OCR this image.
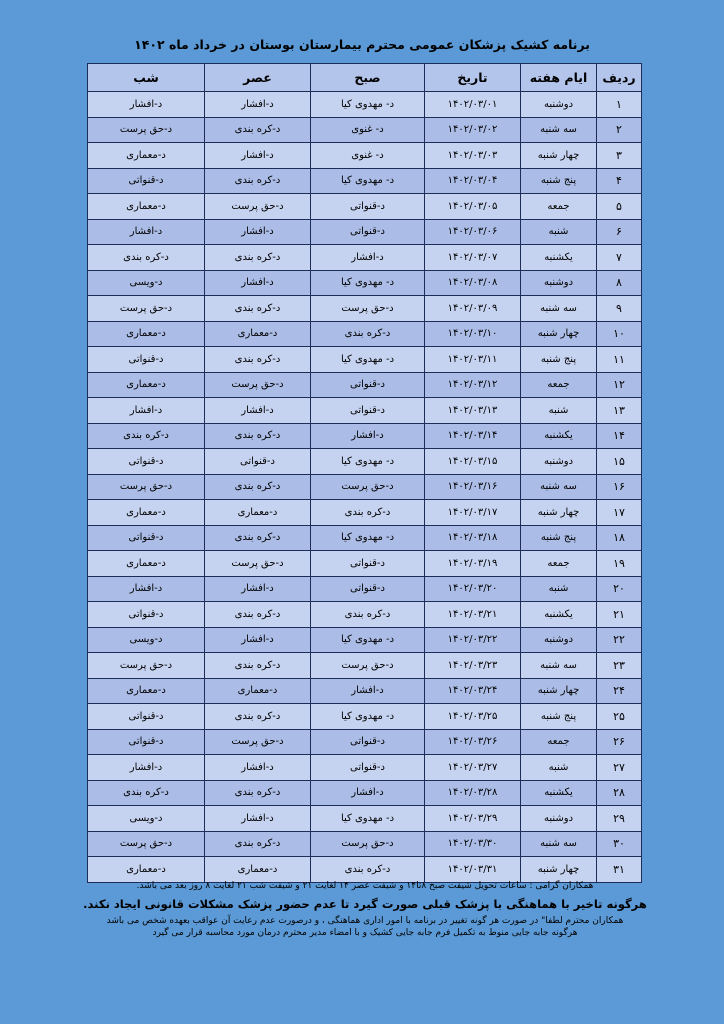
برنامه کشیک پزشکان عمومی محترم بیمارستان بوستان در خرداد ماه ۱۴۰۲
ردیف	ایام هفته	تاریخ	صبح	عصر	شب
۱	دوشنبه	۱۴۰۲/۰۳/۰۱	د- مهدوی کیا	د-افشار	د-افشار
۲	سه شنبه	۱۴۰۲/۰۳/۰۲	د- غنوی	د-کره بندی	د-حق پرست
۳	چهار شنبه	۱۴۰۲/۰۳/۰۳	د- غنوی	د-افشار	د-معماری
۴	پنج شنبه	۱۴۰۲/۰۳/۰۴	د- مهدوی کیا	د-کره بندی	د-قنواتی
۵	جمعه	۱۴۰۲/۰۳/۰۵	د-قنواتی	د-حق پرست	د-معماری
۶	شنبه	۱۴۰۲/۰۳/۰۶	د-قنواتی	د-افشار	د-افشار
۷	یکشنبه	۱۴۰۲/۰۳/۰۷	د-افشار	د-کره بندی	د-کره بندی
۸	دوشنبه	۱۴۰۲/۰۳/۰۸	د- مهدوی کیا	د-افشار	د-ویسی
۹	سه شنبه	۱۴۰۲/۰۳/۰۹	د-حق پرست	د-کره بندی	د-حق پرست
۱۰	چهار شنبه	۱۴۰۲/۰۳/۱۰	د-کره بندی	د-معماری	د-معماری
۱۱	پنج شنبه	۱۴۰۲/۰۳/۱۱	د- مهدوی کیا	د-کره بندی	د-قنواتی
۱۲	جمعه	۱۴۰۲/۰۳/۱۲	د-قنواتی	د-حق پرست	د-معماری
۱۳	شنبه	۱۴۰۲/۰۳/۱۳	د-قنواتی	د-افشار	د-افشار
۱۴	یکشنبه	۱۴۰۲/۰۳/۱۴	د-افشار	د-کره بندی	د-کره بندی
۱۵	دوشنبه	۱۴۰۲/۰۳/۱۵	د- مهدوی کیا	د-قنواتی	د-قنواتی
۱۶	سه شنبه	۱۴۰۲/۰۳/۱۶	د-حق پرست	د-کره بندی	د-حق پرست
۱۷	چهار شنبه	۱۴۰۲/۰۳/۱۷	د-کره بندی	د-معماری	د-معماری
۱۸	پنج شنبه	۱۴۰۲/۰۳/۱۸	د- مهدوی کیا	د-کره بندی	د-قنواتی
۱۹	جمعه	۱۴۰۲/۰۳/۱۹	د-قنواتی	د-حق پرست	د-معماری
۲۰	شنبه	۱۴۰۲/۰۳/۲۰	د-قنواتی	د-افشار	د-افشار
۲۱	یکشنبه	۱۴۰۲/۰۳/۲۱	د-کره بندی	د-کره بندی	د-قنواتی
۲۲	دوشنبه	۱۴۰۲/۰۳/۲۲	د- مهدوی کیا	د-افشار	د-ویسی
۲۳	سه شنبه	۱۴۰۲/۰۳/۲۳	د-حق پرست	د-کره بندی	د-حق پرست
۲۴	چهار شنبه	۱۴۰۲/۰۳/۲۴	د-افشار	د-معماری	د-معماری
۲۵	پنج شنبه	۱۴۰۲/۰۳/۲۵	د- مهدوی کیا	د-کره بندی	د-قنواتی
۲۶	جمعه	۱۴۰۲/۰۳/۲۶	د-قنواتی	د-حق پرست	د-قنواتی
۲۷	شنبه	۱۴۰۲/۰۳/۲۷	د-قنواتی	د-افشار	د-افشار
۲۸	یکشنبه	۱۴۰۲/۰۳/۲۸	د-افشار	د-کره بندی	د-کره بندی
۲۹	دوشنبه	۱۴۰۲/۰۳/۲۹	د- مهدوی کیا	د-افشار	د-ویسی
۳۰	سه شنبه	۱۴۰۲/۰۳/۳۰	د-حق پرست	د-کره بندی	د-حق پرست
۳۱	چهار شنبه	۱۴۰۲/۰۳/۳۱	د-کره بندی	د-معماری	د-معماری
همکاران گرامی : ساعات تحویل شیفت صبح ۸تا۱۴ و شیفت عصر ۱۴ لغایت ۲۱ و شیفت شب ۲۱ لغایت ۸ روز بعد می باشد.
هرگونه تاخیر با هماهنگی با پزشک قبلی صورت گیرد تا عدم حضور پزشک مشکلات قانونی ایجاد نکند.
همکاران محترم لطفا" در صورت هر گونه تغییر در برنامه با امور اداری هماهنگی ، و درصورت عدم رعایت آن عواقب بعهده شخص می باشد
هرگونه جابه جایی منوط به تکمیل فرم جابه جایی کشیک و با امضاء مدیر محترم درمان مورد محاسبه قرار می گیرد
